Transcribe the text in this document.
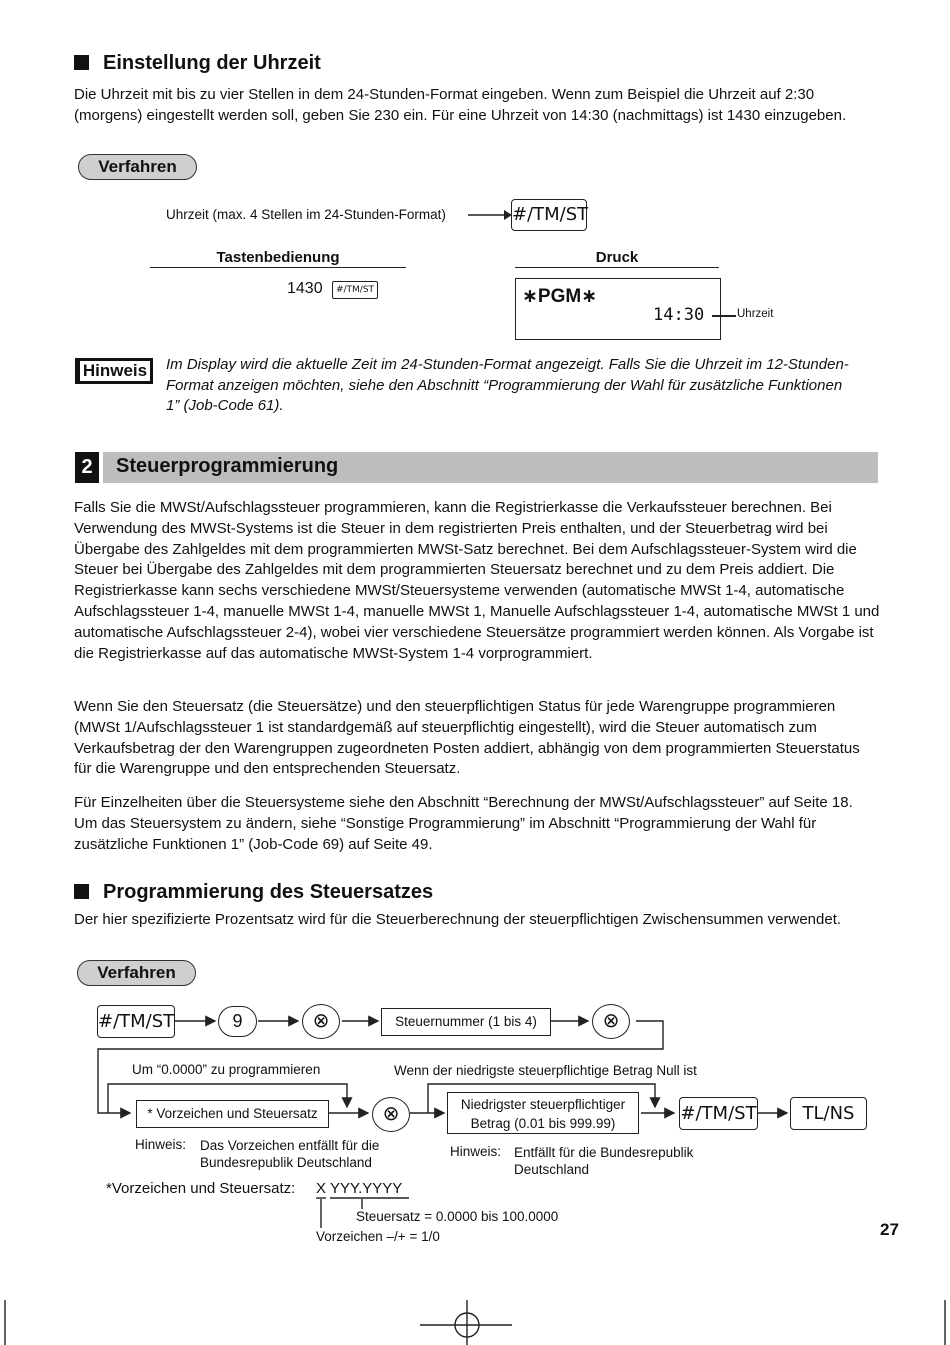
Einstellung der Uhrzeit
Die Uhrzeit mit bis zu vier Stellen in dem 24-Stunden-Format eingeben. Wenn zum Beispiel die Uhrzeit auf 2:30 (morgens) eingestellt werden soll, geben Sie 230 ein. Für eine Uhrzeit von 14:30 (nachmittags) ist 1430 einzugeben.
Verfahren
Uhrzeit (max. 4 Stellen im 24-Stunden-Format)	#/TM/ST
Tastenbedienung	Druck
1430	#/TM/ST	∗PGM∗
14:30	Uhrzeit
Hinweis Im Display wird die aktuelle Zeit im 24-Stunden-Format angezeigt. Falls Sie die Uhrzeit im 12-Stunden-Format anzeigen möchten, siehe den Abschnitt “Programmierung der Wahl für zusätzliche Funktionen 1” (Job-Code 61).
2	Steuerprogrammierung
Falls Sie die MWSt/Aufschlagssteuer programmieren, kann die Registrierkasse die Verkaufssteuer berechnen. Bei Verwendung des MWSt-Systems ist die Steuer in dem registrierten Preis enthalten, und der Steuerbetrag wird bei Übergabe des Zahlgeldes mit dem programmierten MWSt-Satz berechnet. Bei dem Aufschlagssteuer-System wird die Steuer bei Übergabe des Zahlgeldes mit dem programmierten Steuersatz berechnet und zu dem Preis addiert. Die Registrierkasse kann sechs verschiedene MWSt/Steuersysteme verwenden (automatische MWSt 1-4, automatische Aufschlagssteuer 1-4, manuelle MWSt 1-4, manuelle MWSt 1, Manuelle Aufschlagssteuer 1-4, automatische MWSt 1 und automatische Aufschlagssteuer 2-4), wobei vier verschiedene Steuersätze programmiert werden können. Als Vorgabe ist die Registrierkasse auf das automatische MWSt-System 1-4 vorprogrammiert.
Wenn Sie den Steuersatz (die Steuersätze) und den steuerpflichtigen Status für jede Warengruppe programmieren (MWSt 1/Aufschlagssteuer 1 ist standardgemäß auf steuerpflichtig eingestellt), wird die Steuer automatisch zum Verkaufsbetrag der den Warengruppen zugeordneten Posten addiert, abhängig von dem programmierten Steuerstatus für die Warengruppe und den entsprechenden Steuersatz.
Für Einzelheiten über die Steuersysteme siehe den Abschnitt “Berechnung der MWSt/Aufschlagssteuer” auf Seite 18. Um das Steuersystem zu ändern, siehe “Sonstige Programmierung” im Abschnitt “Programmierung der Wahl für zusätzliche Funktionen 1” (Job-Code 69) auf Seite 49.
Programmierung des Steuersatzes
Der hier spezifizierte Prozentsatz wird für die Steuerberechnung der steuerpflichtigen Zwischensummen verwendet.
Verfahren
#/TM/ST	9	⊗	Steuernummer (1 bis 4)	⊗
Um “0.0000” zu programmieren	Wenn der niedrigste steuerpflichtige Betrag Null ist
* Vorzeichen und Steuersatz	⊗	Niedrigster steuerpflichtiger
Betrag (0.01 bis 999.99)	#/TM/ST	TL/NS
Hinweis: Das Vorzeichen entfällt für die
Bundesrepublik Deutschland
Hinweis: Entfällt für die Bundesrepublik
Deutschland
*Vorzeichen und Steuersatz: X YYY.YYYY
Steuersatz = 0.0000 bis 100.0000
Vorzeichen –/+ = 1/0	27
